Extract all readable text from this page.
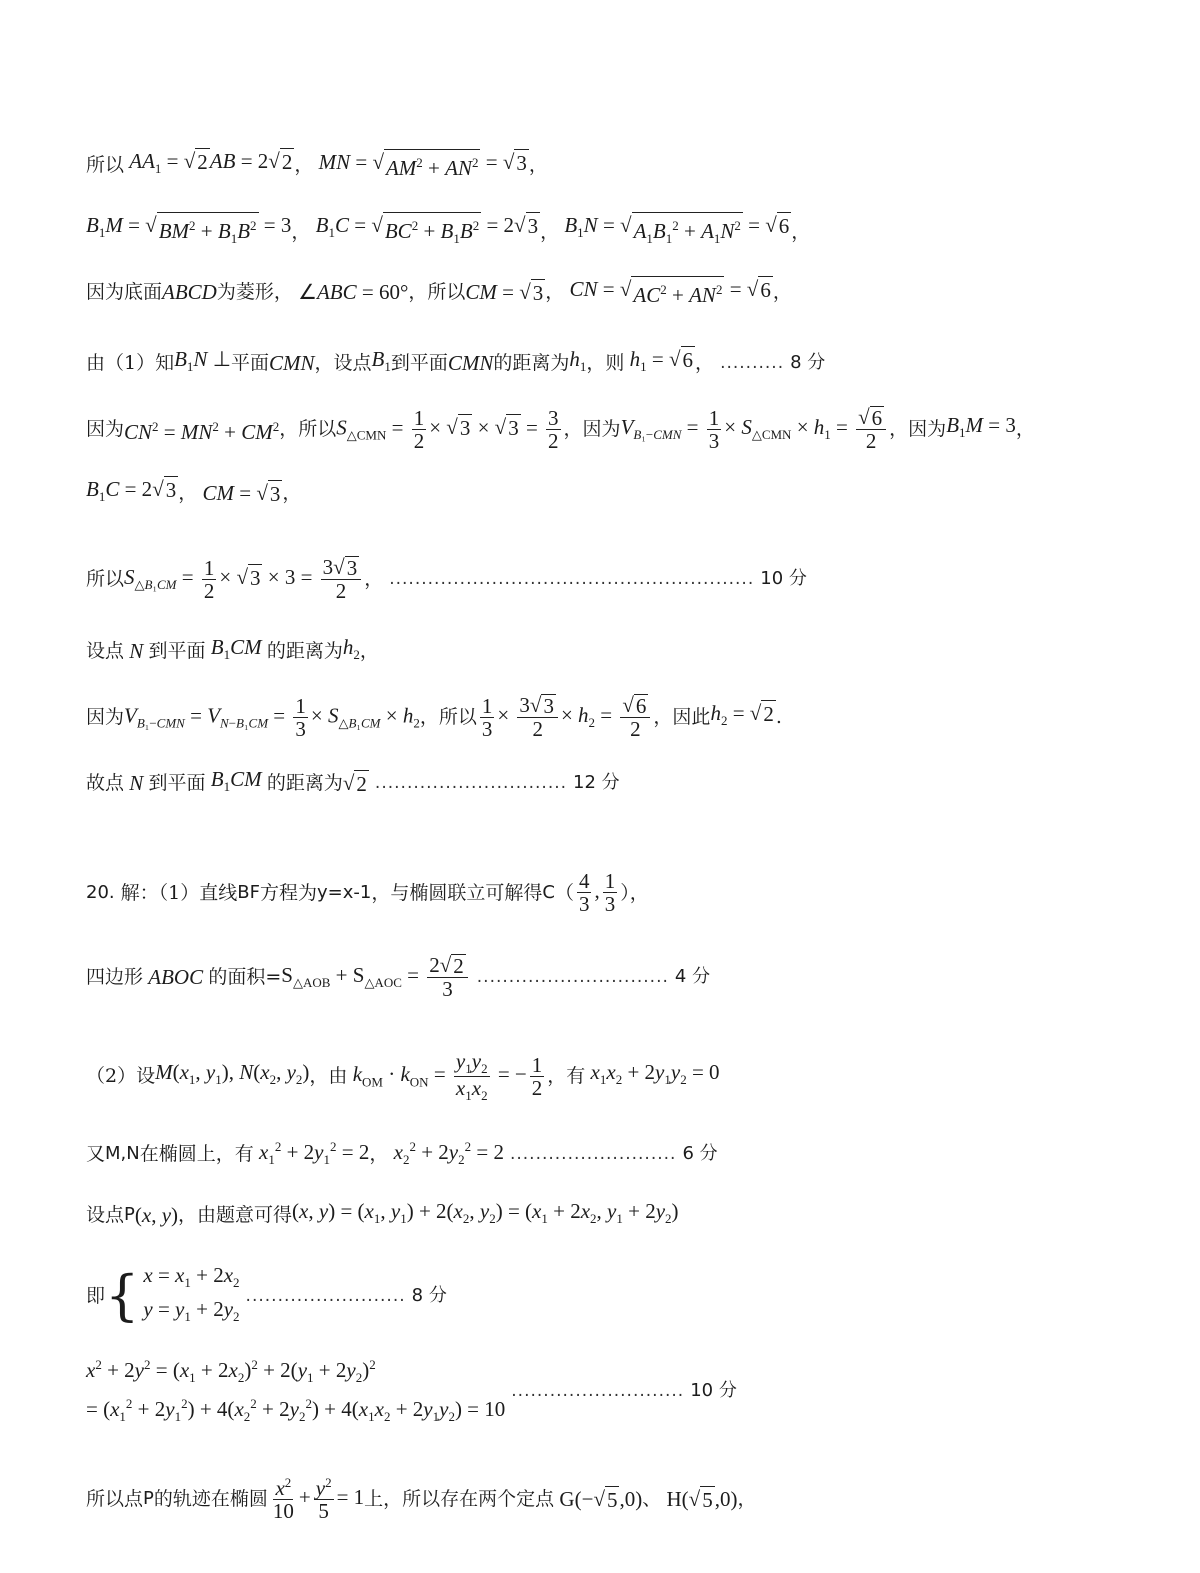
所以 $AA_1$ = √ 2 AB = 2 √ 2 ， MN = √ $AM^2 + AN^2$ = √ 3 ，
$B_1M$ = √ $BM^2 + B_1B^2 = 3$ ， $B_1C$ = √ $BC^2 + B_1B^2 = 2$ √ 3 ， $B_1N$ = √ $A_1B_1^2 + A_1N^2$ = √ 6 ，
因为底面 ABCD 为菱形， ∠ABC = 60° ，所以 CM = √ 3 ， CN = √ $AC^2 + AN^2$ = √ 6 ，
由（1）知 $B_1N$ ⊥ 平面 CMN ，设点 $B_1$ 到平面 CMN 的距离为 $h_1$ ，则 $h_1$ = √ 6 ， .......... 8 分
因为 $CN^2 = MN^2 + CM^2$ ，所以 $S_{\triangle CMN} = \frac{1}{2}$ × √ 3 × √ $3 = \frac{3}{2}$ ，因为 $V_{B_1-CMN} = \frac{1}{3} \times S_{\triangle CMN} \times h_1 = \frac{√ 6}{2}$ ，因为 $B_1M = 3$ ，
$B_1C = 2$ √ 3 ， CM = √ 3 ，
所以 $S_{\triangle B_1CM} = \frac{1}{2}$ × √ $3 \times 3 = \frac{3 √ 3}{2}$ ， ......................................................... 10 分
设点 N 到平面 $B_1CM$ 的距离为 $h_2$ ，
因为 $V_{B_1-CMN} = V_{N-B_1CM} = \frac{1}{3} \times S_{\triangle B_1CM} \times h_2$ ，所以 $\frac{1}{3} \times \frac{3 √ 3}{2} \times h_2 = \frac{√ 6}{2}$ ，因此 $h_2$ = √ 2 .
故点 N 到平面 $B_1CM$ 的距离为 √ 2 .............................. 12 分
20. 解：（1）直线 BF 方程为 y=x-1 ，与椭圆联立可解得 C （ $\frac{4}{3}$ , $\frac{1}{3}$ ），
四边形 ABOC 的面积= $S_{\triangle AOB} + S_{\triangle AOC} = \frac{2 √ 2}{3}$ .............................. 4 分
（2）设 $M(x_1$, $y_1$), $N(x_2$, $y_2$) ，由 $k_{OM} \cdot k_{ON} = \frac{y_1y_2}{x_1x_2}$ = − $\frac{1}{2}$ ，有 $x_1x_2 + 2y_1y_2 = 0$
又 M,N 在椭圆上，有 $x_1^2 + 2y_1^2 = 2$ ， $x_2^2 + 2y_2^2 = 2$ .......................... 6 分
设点 P (x, y) ，由题意可得 (x, $y) = (x_1$, $y_1) + 2(x_2$, $y_2) = (x_1 + 2x_2$, $y_1 + 2y_2$)
即 { $x = x_1 + 2x_2$
$y = y_1 + 2y_2$
......................... 8 分
$x^2 + 2y^2 = (x_1 + 2x_2)^2 + 2(y_1 + 2y_2)^2$
= $(x_1^2 + 2y_1^2) + 4(x_2^2 + 2y_2^2) + 4(x_1x_2 + 2y_1y_2) = 10$
........................... 10 分
所以点 P 的轨迹在椭圆 $\frac{x^2}{10} + \frac{y^2}{5} = 1$ 上，所以存在两个定点 G(− √ 5 ,0) 、 H( √ 5 ,0) ，
